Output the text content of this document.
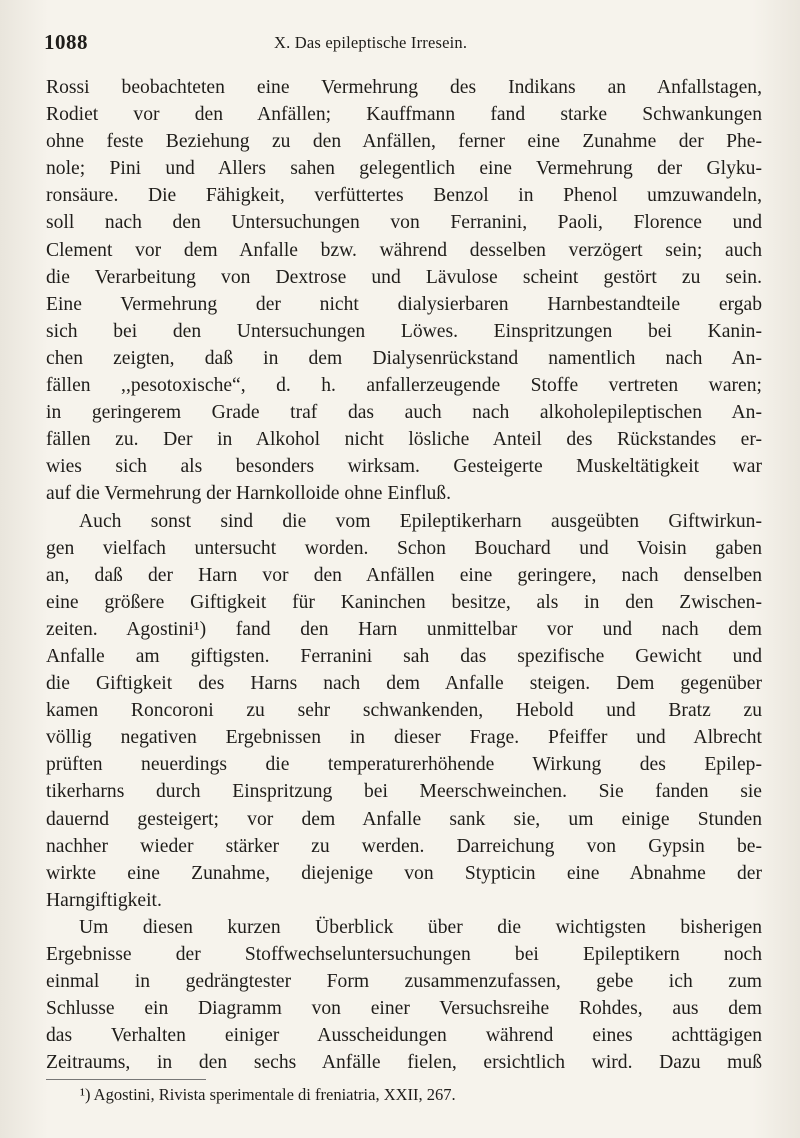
1088	X. Das epileptische Irresein.
Rossi beobachteten eine Vermehrung des Indikans an Anfallstagen,
Rodiet vor den Anfällen; Kauffmann fand starke Schwankungen
ohne feste Beziehung zu den Anfällen, ferner eine Zunahme der Phe-
nole; Pini und Allers sahen gelegentlich eine Vermehrung der Glyku-
ronsäure. Die Fähigkeit, verfüttertes Benzol in Phenol umzuwandeln,
soll nach den Untersuchungen von Ferranini, Paoli, Florence und
Clement vor dem Anfalle bzw. während desselben verzögert sein; auch
die Verarbeitung von Dextrose und Lävulose scheint gestört zu sein.
Eine Vermehrung der nicht dialysierbaren Harnbestandteile ergab
sich bei den Untersuchungen Löwes. Einspritzungen bei Kanin-
chen zeigten, daß in dem Dialysenrückstand namentlich nach An-
fällen ,,pesotoxische“, d. h. anfallerzeugende Stoffe vertreten waren;
in geringerem Grade traf das auch nach alkoholepileptischen An-
fällen zu. Der in Alkohol nicht lösliche Anteil des Rückstandes er-
wies sich als besonders wirksam. Gesteigerte Muskeltätigkeit war
auf die Vermehrung der Harnkolloide ohne Einfluß.
Auch sonst sind die vom Epileptikerharn ausgeübten Giftwirkun-
gen vielfach untersucht worden. Schon Bouchard und Voisin gaben
an, daß der Harn vor den Anfällen eine geringere, nach denselben
eine größere Giftigkeit für Kaninchen besitze, als in den Zwischen-
zeiten. Agostini¹) fand den Harn unmittelbar vor und nach dem
Anfalle am giftigsten. Ferranini sah das spezifische Gewicht und
die Giftigkeit des Harns nach dem Anfalle steigen. Dem gegenüber
kamen Roncoroni zu sehr schwankenden, Hebold und Bratz zu
völlig negativen Ergebnissen in dieser Frage. Pfeiffer und Albrecht
prüften neuerdings die temperaturerhöhende Wirkung des Epilep-
tikerharns durch Einspritzung bei Meerschweinchen. Sie fanden sie
dauernd gesteigert; vor dem Anfalle sank sie, um einige Stunden
nachher wieder stärker zu werden. Darreichung von Gypsin be-
wirkte eine Zunahme, diejenige von Stypticin eine Abnahme der
Harngiftigkeit.
Um diesen kurzen Überblick über die wichtigsten bisherigen
Ergebnisse der Stoffwechseluntersuchungen bei Epileptikern noch
einmal in gedrängtester Form zusammenzufassen, gebe ich zum
Schlusse ein Diagramm von einer Versuchsreihe Rohdes, aus dem
das Verhalten einiger Ausscheidungen während eines achttägigen
Zeitraums, in den sechs Anfälle fielen, ersichtlich wird. Dazu muß
¹) Agostini, Rivista sperimentale di freniatria, XXII, 267.
